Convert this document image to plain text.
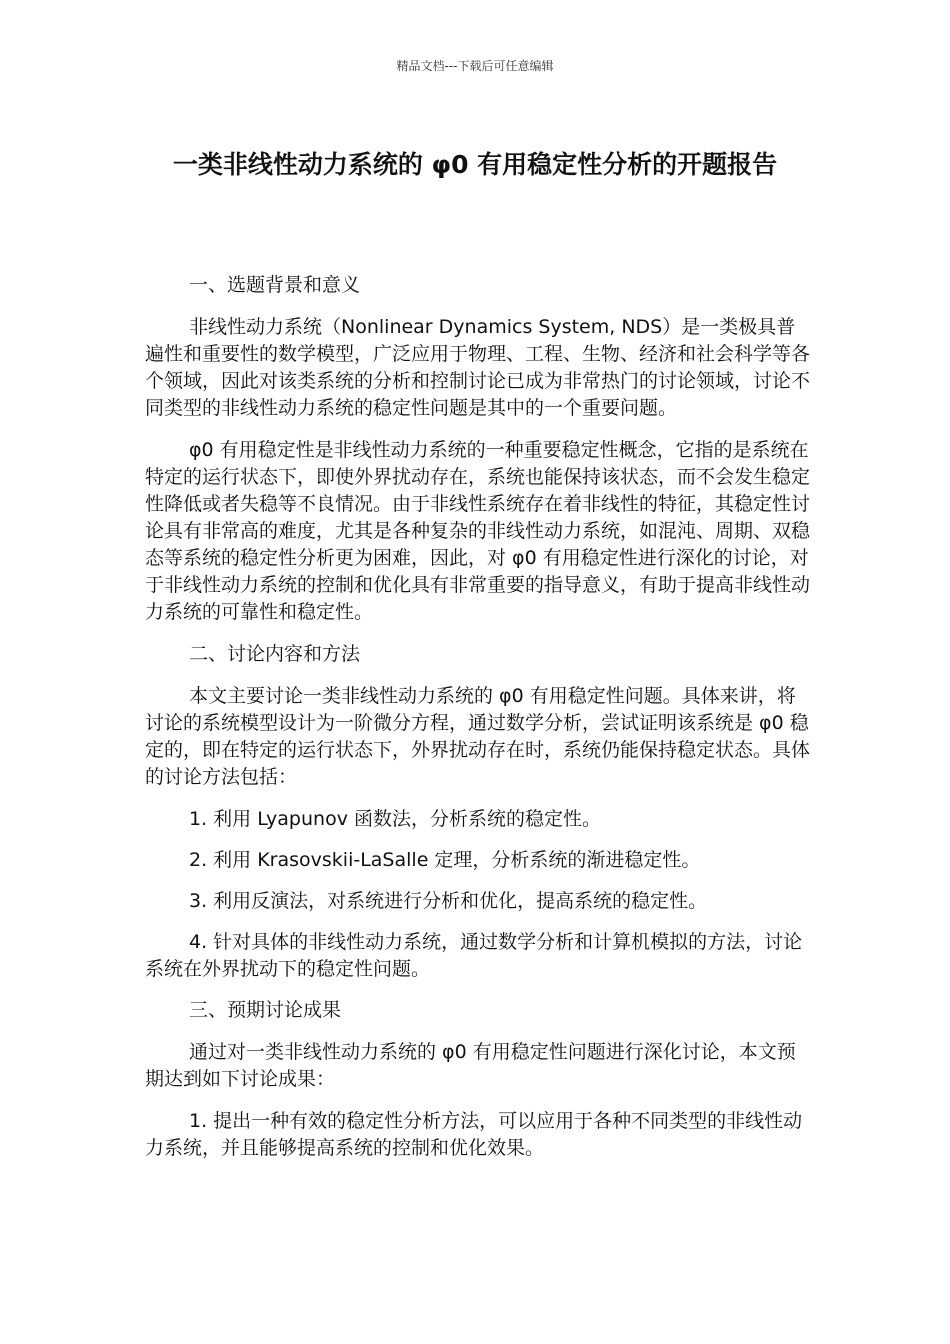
精品文档---下载后可任意编辑
一类非线性动力系统的 φ0 有用稳定性分析的开题报告
一、选题背景和意义

非线性动力系统（Nonlinear Dynamics System, NDS）是一类极具普遍性和重要性的数学模型，广泛应用于物理、工程、生物、经济和社会科学等各个领域，因此对该类系统的分析和控制讨论已成为非常热门的讨论领域，讨论不同类型的非线性动力系统的稳定性问题是其中的一个重要问题。

φ0 有用稳定性是非线性动力系统的一种重要稳定性概念，它指的是系统在特定的运行状态下，即使外界扰动存在，系统也能保持该状态，而不会发生稳定性降低或者失稳等不良情况。由于非线性系统存在着非线性的特征，其稳定性讨论具有非常高的难度，尤其是各种复杂的非线性动力系统，如混沌、周期、双稳态等系统的稳定性分析更为困难，因此，对 φ0 有用稳定性进行深化的讨论，对于非线性动力系统的控制和优化具有非常重要的指导意义，有助于提高非线性动力系统的可靠性和稳定性。

二、讨论内容和方法

本文主要讨论一类非线性动力系统的 φ0 有用稳定性问题。具体来讲，将讨论的系统模型设计为一阶微分方程，通过数学分析，尝试证明该系统是 φ0 稳定的，即在特定的运行状态下，外界扰动存在时，系统仍能保持稳定状态。具体的讨论方法包括：

1. 利用 Lyapunov 函数法，分析系统的稳定性。

2. 利用 Krasovskii-LaSalle 定理，分析系统的渐进稳定性。

3. 利用反演法，对系统进行分析和优化，提高系统的稳定性。

4. 针对具体的非线性动力系统，通过数学分析和计算机模拟的方法，讨论系统在外界扰动下的稳定性问题。

三、预期讨论成果

通过对一类非线性动力系统的 φ0 有用稳定性问题进行深化讨论，本文预期达到如下讨论成果：

1. 提出一种有效的稳定性分析方法，可以应用于各种不同类型的非线性动力系统，并且能够提高系统的控制和优化效果。
